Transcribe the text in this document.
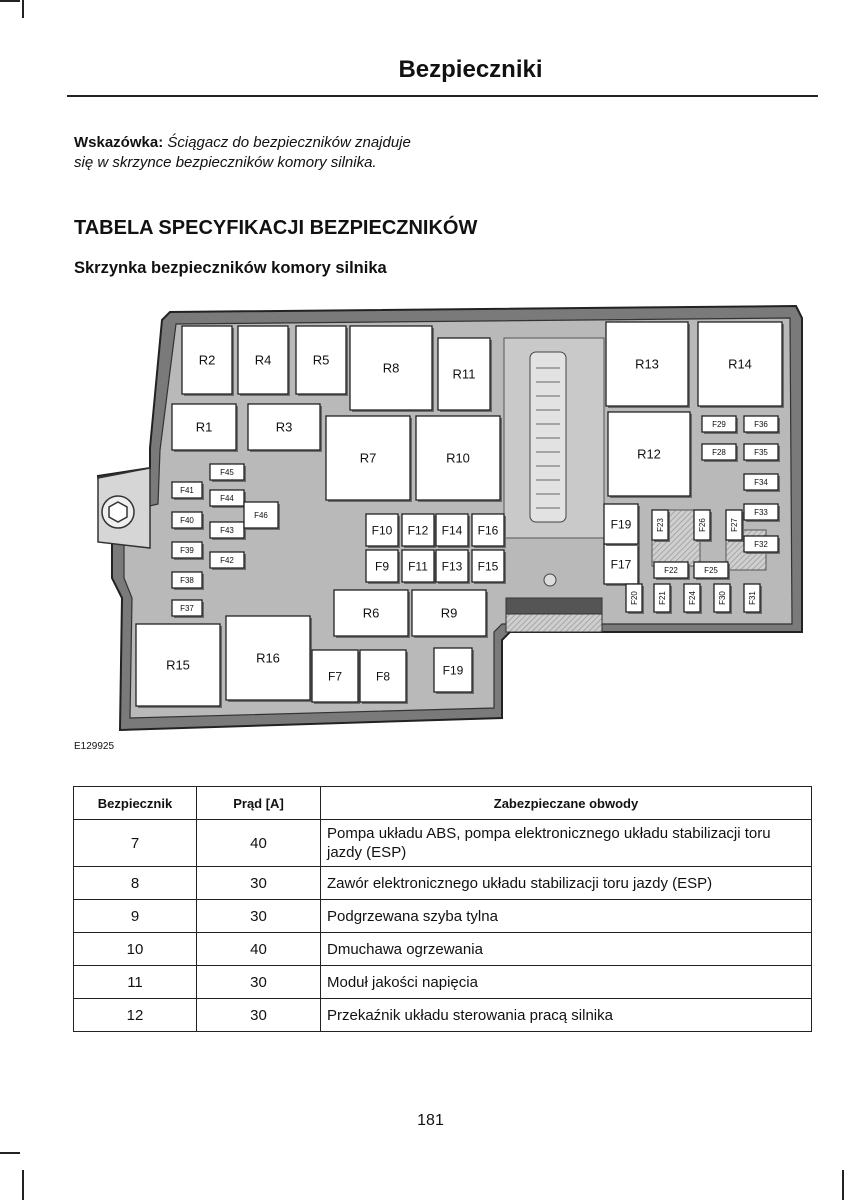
Bezpieczniki
Wskazówka: Ściągacz do bezpieczników znajduje się w skrzynce bezpieczników komory silnika.
TABELA SPECYFIKACJI BEZPIECZNIKÓW
Skrzynka bezpieczników komory silnika
R1
R2
R3
R4	R5
R6
R7
R8
R9
R10
R11
R12
R13	R14
R15	R16
F7	F8
F9
F10
F11
F12
F13
F14
F15
F16
F17
F19
F19
F20 F21
F22
F23
F24
F25
F26	F27
F28
F29
F30	F31
F32
F33
F34
F35
F36
F37
F38
F39
F40
F41
F42
F43
F44
F45
F46
E129925
Bezpiecznik	Prąd [A]	Zabezpieczane obwody
7	40	Pompa układu ABS, pompa elektronicznego układu stabilizacji toru jazdy (ESP)
8	30	Zawór elektronicznego układu stabilizacji toru jazdy (ESP)
9	30	Podgrzewana szyba tylna
10	40	Dmuchawa ogrzewania
11	30	Moduł jakości napięcia
12	30	Przekaźnik układu sterowania pracą silnika
181
